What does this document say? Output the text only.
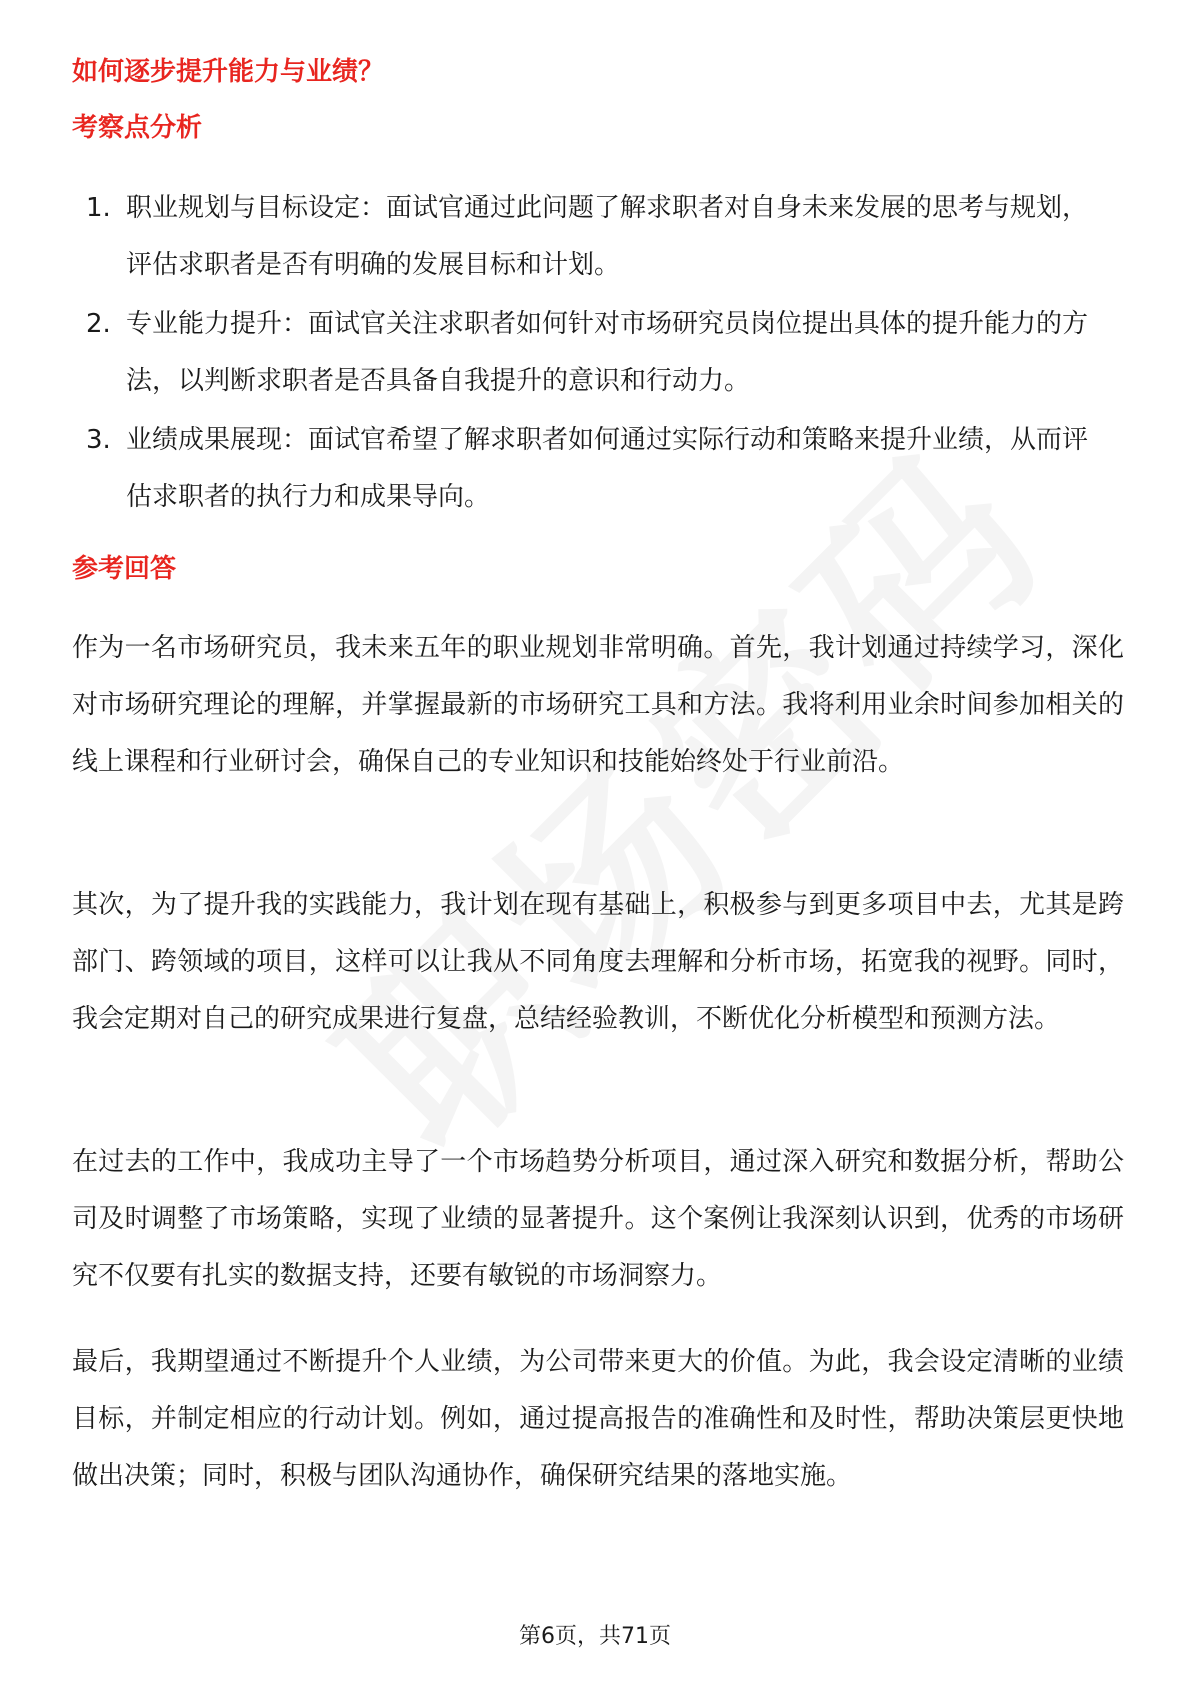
如何逐步提升能力与业绩？
考察点分析
1. 职业规划与目标设定：面试官通过此问题了解求职者对自身未来发展的思考与规划，评估求职者是否有明确的发展目标和计划。
2. 专业能力提升：面试官关注求职者如何针对市场研究员岗位提出具体的提升能力的方法，以判断求职者是否具备自我提升的意识和行动力。
3. 业绩成果展现：面试官希望了解求职者如何通过实际行动和策略来提升业绩，从而评估求职者的执行力和成果导向。
参考回答

作为一名市场研究员，我未来五年的职业规划非常明确。首先，我计划通过持续学习，深化对市场研究理论的理解，并掌握最新的市场研究工具和方法。我将利用业余时间参加相关的线上课程和行业研讨会，确保自己的专业知识和技能始终处于行业前沿。

其次，为了提升我的实践能力，我计划在现有基础上，积极参与到更多项目中去，尤其是跨部门、跨领域的项目，这样可以让我从不同角度去理解和分析市场，拓宽我的视野。同时，我会定期对自己的研究成果进行复盘，总结经验教训，不断优化分析模型和预测方法。

在过去的工作中，我成功主导了一个市场趋势分析项目，通过深入研究和数据分析，帮助公司及时调整了市场策略，实现了业绩的显著提升。这个案例让我深刻认识到，优秀的市场研究不仅要有扎实的数据支持，还要有敏锐的市场洞察力。

最后，我期望通过不断提升个人业绩，为公司带来更大的价值。为此，我会设定清晰的业绩目标，并制定相应的行动计划。例如，通过提高报告的准确性和及时性，帮助决策层更快地做出决策；同时，积极与团队沟通协作，确保研究结果的落地实施。

第6页，共71页
